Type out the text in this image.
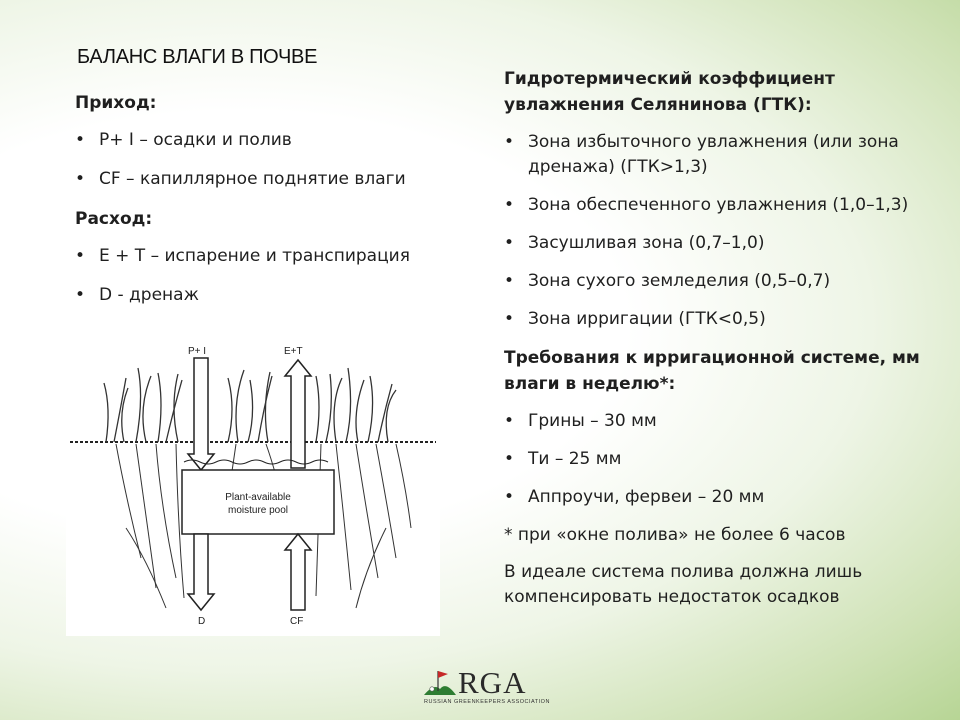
БАЛАНС ВЛАГИ В ПОЧВЕ
Приход:
• P+ I – осадки и полив
• CF – капиллярное поднятие влаги
Расход:
• E + T – испарение и транспирация
• D - дренаж
P+ I	E+T
Plant-available
moisture pool
D	CF
Гидротермический коэффициент увлажнения Селянинова (ГТК):
• Зона избыточного увлажнения (или зона дренажа) (ГТК>1,3)
• Зона обеспеченного увлажнения (1,0–1,3)
• Засушливая зона (0,7–1,0)
• Зона сухого земледелия (0,5–0,7)
• Зона ирригации (ГТК<0,5)
Требования к ирригационной системе, мм влаги в неделю*:
• Грины – 30 мм
• Ти – 25 мм
• Аппроучи, фервеи – 20 мм
* при «окне полива» не более 6 часов
В идеале система полива должна лишь компенсировать недостаток осадков
RGA
RUSSIAN GREENKEEPERS ASSOCIATION
